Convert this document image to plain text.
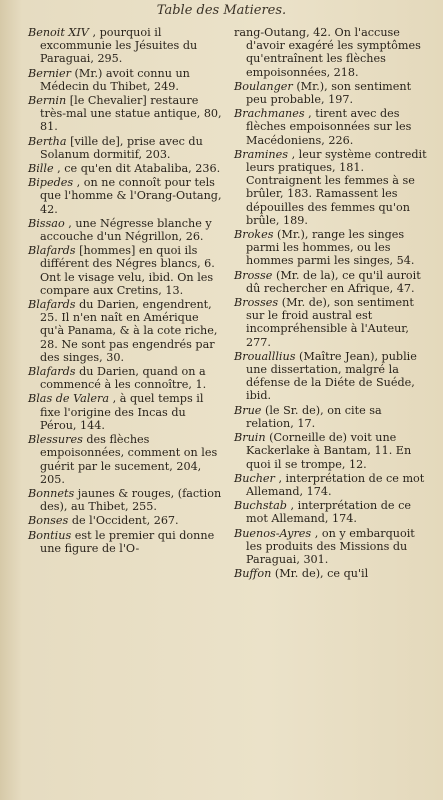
Table des Matieres.

Benoit XIV , pourquoi il excommunie les Jésuites du Paraguai, 295.

Bernier (Mr.) avoit connu un Médecin du Thibet, 249.

Bernin [le Chevalier] restaure très-mal une statue antique, 80, 81.

Bertha [ville de], prise avec du Solanum dormitif, 203.

Bille , ce qu'en dit Atabaliba, 236.

Bipedes , on ne connoît pour tels que l'homme & l'Orang-Outang, 42.

Bissao , une Négresse blanche y accouche d'un Négrillon, 26.

Blafards [hommes] en quoi ils différent des Négres blancs, 6. Ont le visage velu, ibid. On les compare aux Cretins, 13.

Blafards du Darien, engendrent, 25. Il n'en naît en Amérique qu'à Panama, & à la cote riche, 28. Ne sont pas engendrés par des singes, 30.

Blafards du Darien, quand on a commencé à les connoître, 1.

Blas de Valera , à quel temps il fixe l'origine des Incas du Pérou, 144.

Blessures des flèches empoisonnées, comment on les guérit par le sucement, 204, 205.

Bonnets jaunes & rouges, (faction des), au Thibet, 255.

Bonses de l'Occident, 267.

Bontius est le premier qui donne une figure de l'O-

rang-Outang, 42. On l'accuse d'avoir exagéré les symptômes qu'entraînent les flèches empoisonnées, 218.

Boulanger (Mr.), son sentiment peu probable, 197.

Brachmanes , tirent avec des flèches empoisonnées sur les Macédoniens, 226.

Bramines , leur système contredit leurs pratiques, 181. Contraignent les femmes à se brûler, 183. Ramassent les dépouilles des femmes qu'on brûle, 189.

Brokes (Mr.), range les singes parmi les hommes, ou les hommes parmi les singes, 54.

Brosse (Mr. de la), ce qu'il auroit dû rechercher en Afrique, 47.

Brosses (Mr. de), son sentiment sur le froid austral est incompréhensible à l'Auteur, 277.

Broualllius (Maître Jean), publie une dissertation, malgré la défense de la Diéte de Suéde, ibid.

Brue (le Sr. de), on cite sa relation, 17.

Bruin (Corneille de) voit une Kackerlake à Bantam, 11. En quoi il se trompe, 12.

Bucher , interprétation de ce mot Allemand, 174.

Buchstab , interprétation de ce mot Allemand, 174.

Buenos-Ayres , on y embarquoit les produits des Missions du Paraguai, 301.

Buffon (Mr. de), ce qu'il
